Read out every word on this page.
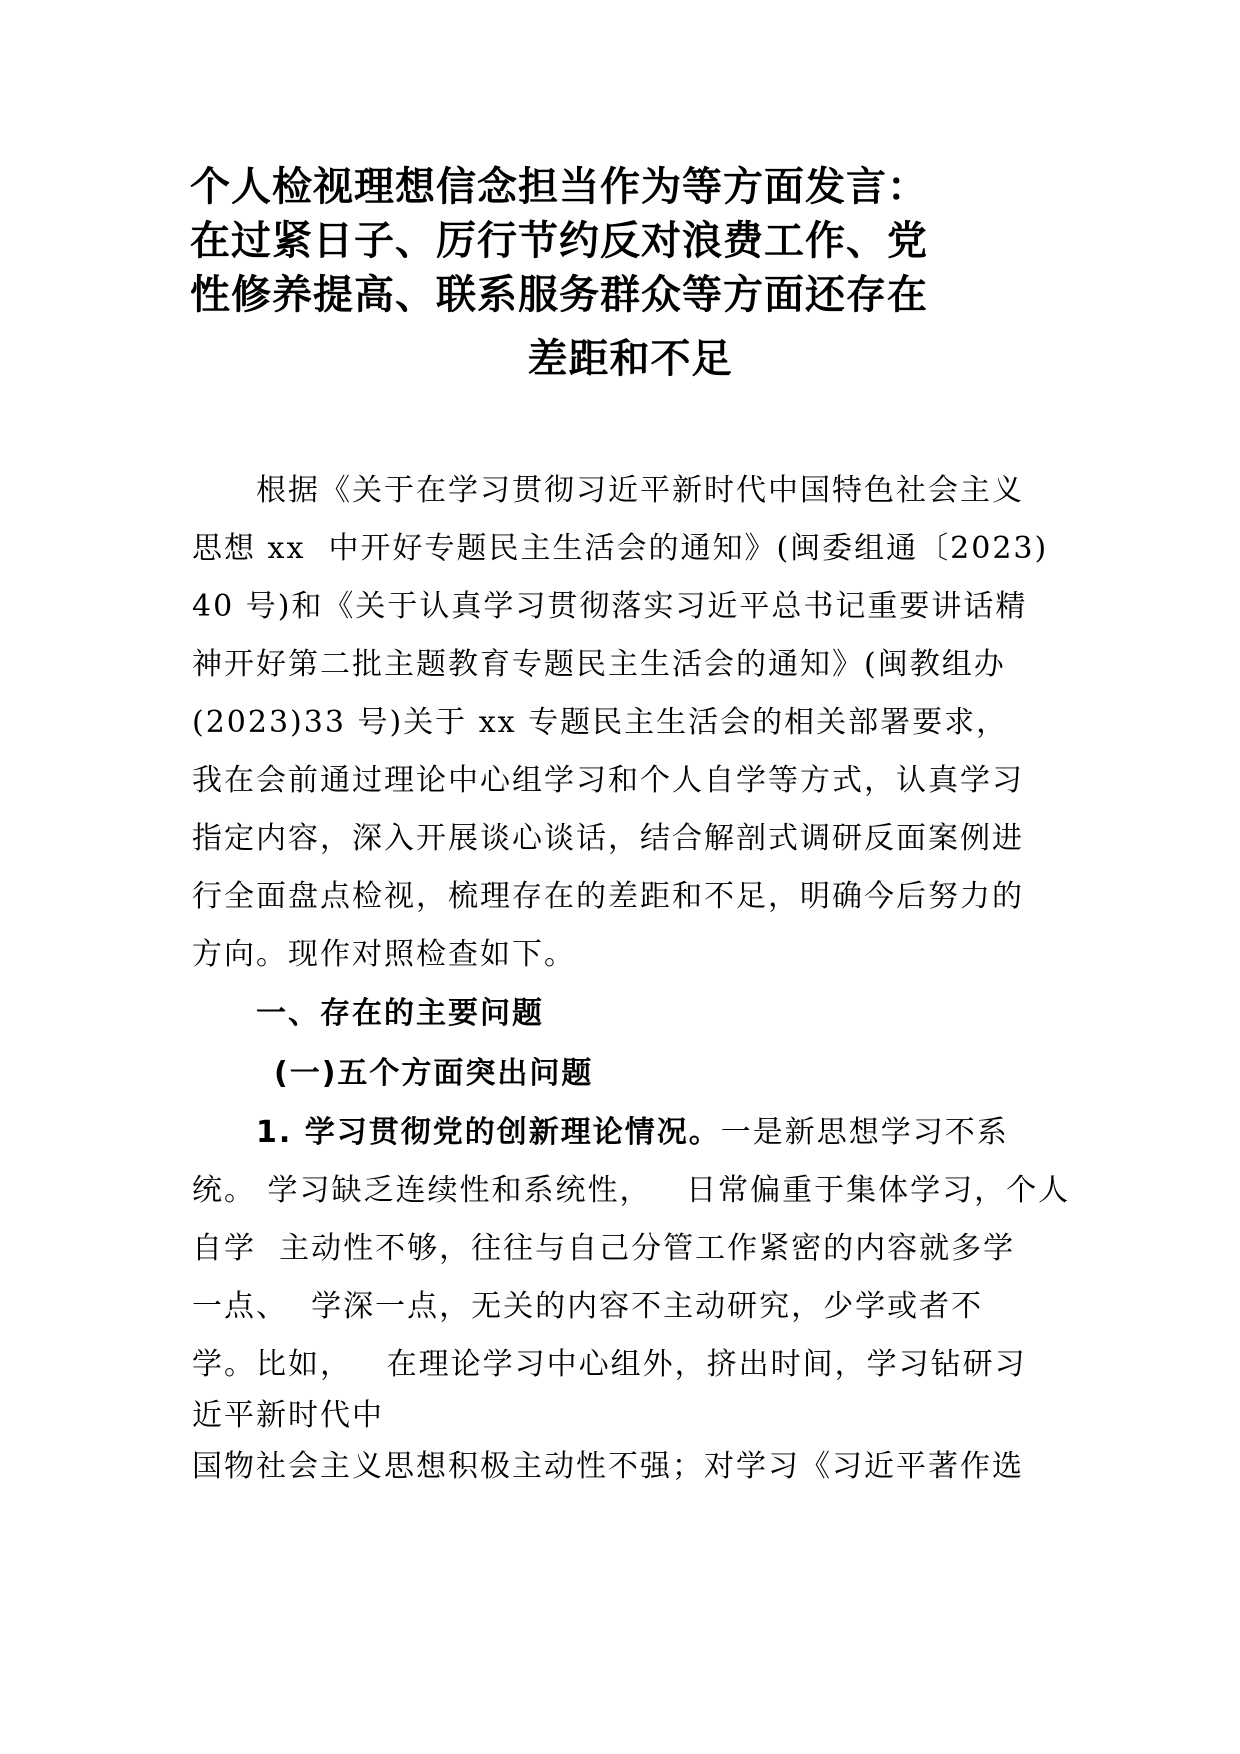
个人检视理想信念担当作为等方面发言：
在过紧日子、厉行节约反对浪费工作、党
性修养提高、联系服务群众等方面还存在
差距和不足
根据《关于在学习贯彻习近平新时代中国特色社会主义
思想 xx  中开好专题民主生活会的通知》(闽委组通〔2023)
40 号)和《关于认真学习贯彻落实习近平总书记重要讲话精
神开好第二批主题教育专题民主生活会的通知》(闽教组办
(2023)33 号)关于 xx 专题民主生活会的相关部署要求，
我在会前通过理论中心组学习和个人自学等方式，认真学习
指定内容，深入开展谈心谈话，结合解剖式调研反面案例进
行全面盘点检视，梳理存在的差距和不足，明确今后努力的
方向。现作对照检查如下。
一、存在的主要问题
(一)五个方面突出问题
1. 学习贯彻党的创新理论情况。一是新思想学习不系
统。 学习缺乏连续性和系统性，   日常偏重于集体学习，个人
自学  主动性不够，往往与自己分管工作紧密的内容就多学
一点、  学深一点，无关的内容不主动研究，少学或者不
学。比如，   在理论学习中心组外，挤出时间，学习钻研习
近平新时代中
国物社会主义思想积极主动性不强；对学习《习近平著作选
